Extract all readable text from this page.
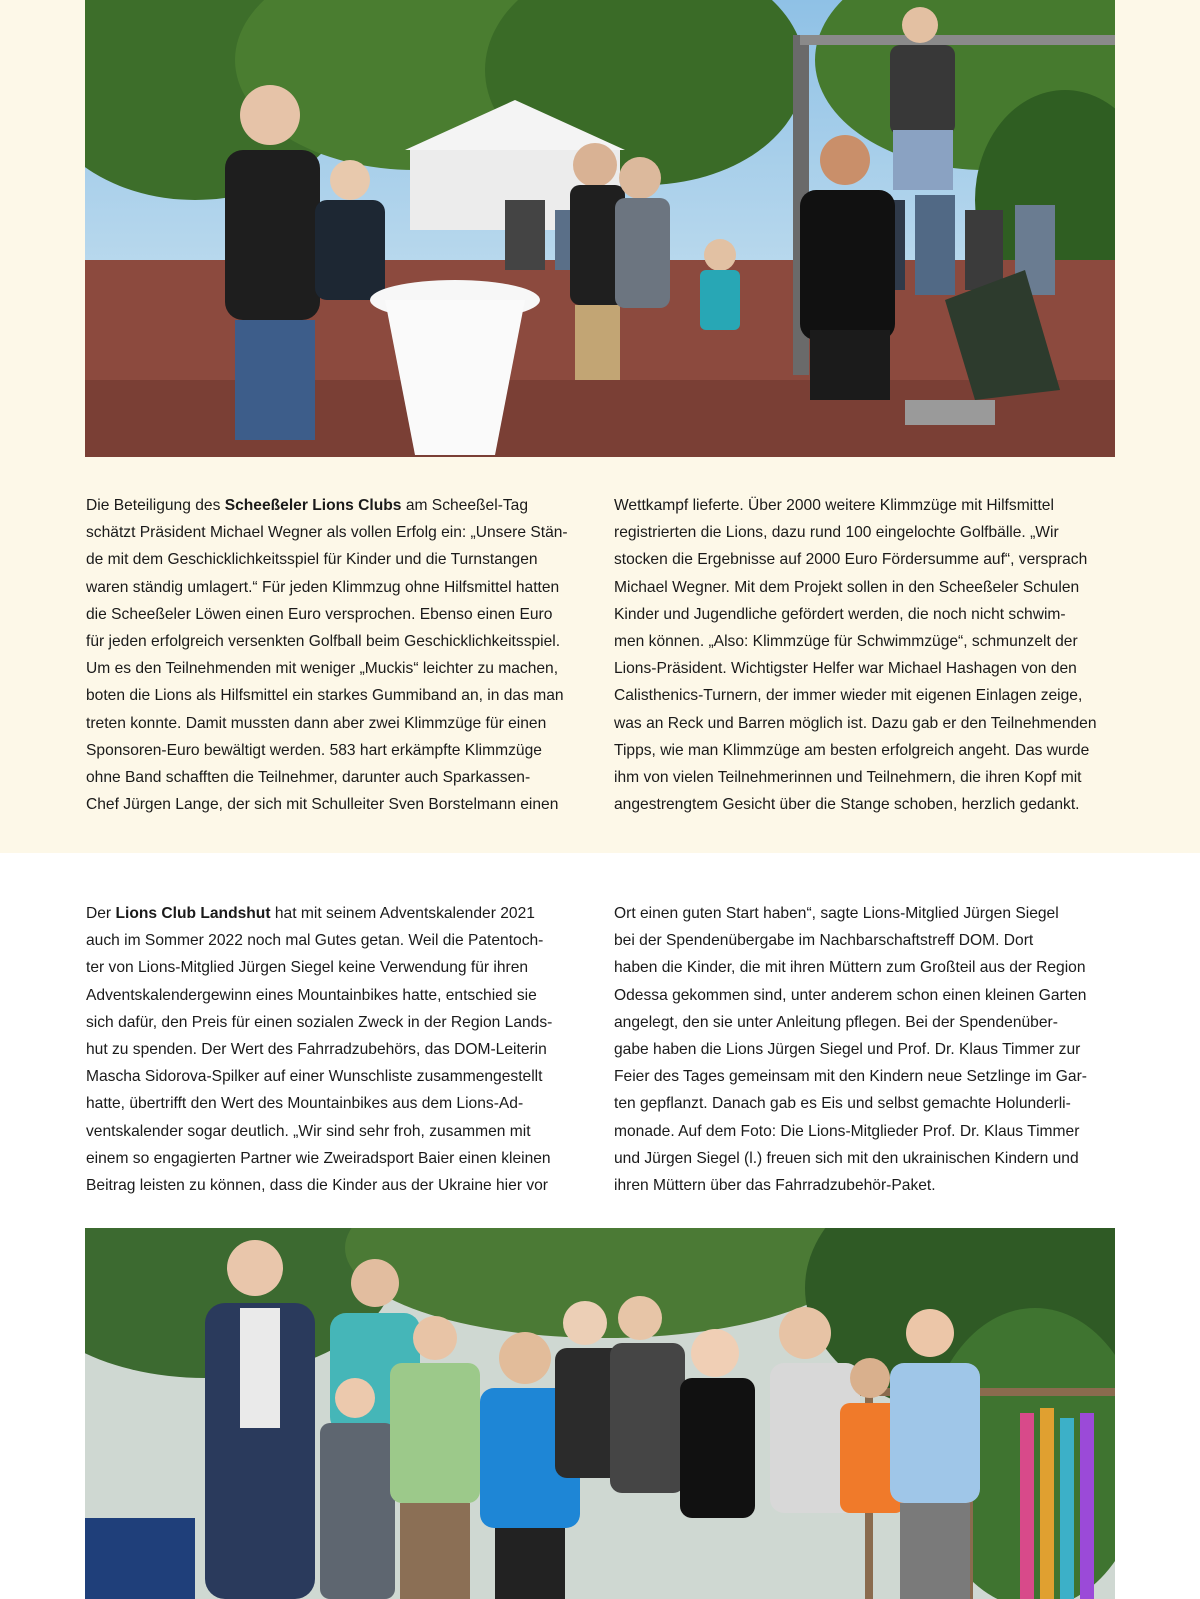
Die Beteiligung des Scheeßeler Lions Clubs am Scheeßel-Tag
schätzt Präsident Michael Wegner als vollen Erfolg ein: „Unsere Stän-
de mit dem Geschicklichkeitsspiel für Kinder und die Turnstangen
waren ständig umlagert.“ Für jeden Klimmzug ohne Hilfsmittel hatten
die Scheeßeler Löwen einen Euro versprochen. Ebenso einen Euro
für jeden erfolgreich versenkten Golfball beim Geschicklichkeitsspiel.
Um es den Teilnehmenden mit weniger „Muckis“ leichter zu machen,
boten die Lions als Hilfsmittel ein starkes Gummiband an, in das man
treten konnte. Damit mussten dann aber zwei Klimmzüge für einen
Sponsoren-Euro bewältigt werden. 583 hart erkämpfte Klimmzüge
ohne Band schafften die Teilnehmer, darunter auch Sparkassen-
Chef Jürgen Lange, der sich mit Schulleiter Sven Borstelmann einen

Wettkampf lieferte. Über 2000 weitere Klimmzüge mit Hilfsmittel
registrierten die Lions, dazu rund 100 eingelochte Golfbälle. „Wir
stocken die Ergebnisse auf 2000 Euro Fördersumme auf“, versprach
Michael Wegner. Mit dem Projekt sollen in den Scheeßeler Schulen
Kinder und Jugendliche gefördert werden, die noch nicht schwim-
men können. „Also: Klimmzüge für Schwimmzüge“, schmunzelt der
Lions-Präsident. Wichtigster Helfer war Michael Hashagen von den
Calisthenics-Turnern, der immer wieder mit eigenen Einlagen zeige,
was an Reck und Barren möglich ist. Dazu gab er den Teilnehmenden
Tipps, wie man Klimmzüge am besten erfolgreich angeht. Das wurde
ihm von vielen Teilnehmerinnen und Teilnehmern, die ihren Kopf mit
angestrengtem Gesicht über die Stange schoben, herzlich gedankt.

Der Lions Club Landshut hat mit seinem Adventskalender 2021
auch im Sommer 2022 noch mal Gutes getan. Weil die Patentoch-
ter von Lions-Mitglied Jürgen Siegel keine Verwendung für ihren
Adventskalendergewinn eines Mountainbikes hatte, entschied sie
sich dafür, den Preis für einen sozialen Zweck in der Region Lands-
hut zu spenden. Der Wert des Fahrradzubehörs, das DOM-Leiterin
Mascha Sidorova-Spilker auf einer Wunschliste zusammengestellt
hatte, übertrifft den Wert des Mountainbikes aus dem Lions-Ad-
ventskalender sogar deutlich. „Wir sind sehr froh, zusammen mit
einem so engagierten Partner wie Zweiradsport Baier einen kleinen
Beitrag leisten zu können, dass die Kinder aus der Ukraine hier vor

Ort einen guten Start haben“, sagte Lions-Mitglied Jürgen Siegel
bei der Spendenübergabe im Nachbarschaftstreff DOM. Dort
haben die Kinder, die mit ihren Müttern zum Großteil aus der Region
Odessa gekommen sind, unter anderem schon einen kleinen Garten
angelegt, den sie unter Anleitung pflegen. Bei der Spendenüber-
gabe haben die Lions Jürgen Siegel und Prof. Dr. Klaus Timmer zur
Feier des Tages gemeinsam mit den Kindern neue Setzlinge im Gar-
ten gepflanzt. Danach gab es Eis und selbst gemachte Holunderli-
monade. Auf dem Foto: Die Lions-Mitglieder Prof. Dr. Klaus Timmer
und Jürgen Siegel (l.) freuen sich mit den ukrainischen Kindern und
ihren Müttern über das Fahrradzubehör-Paket.
